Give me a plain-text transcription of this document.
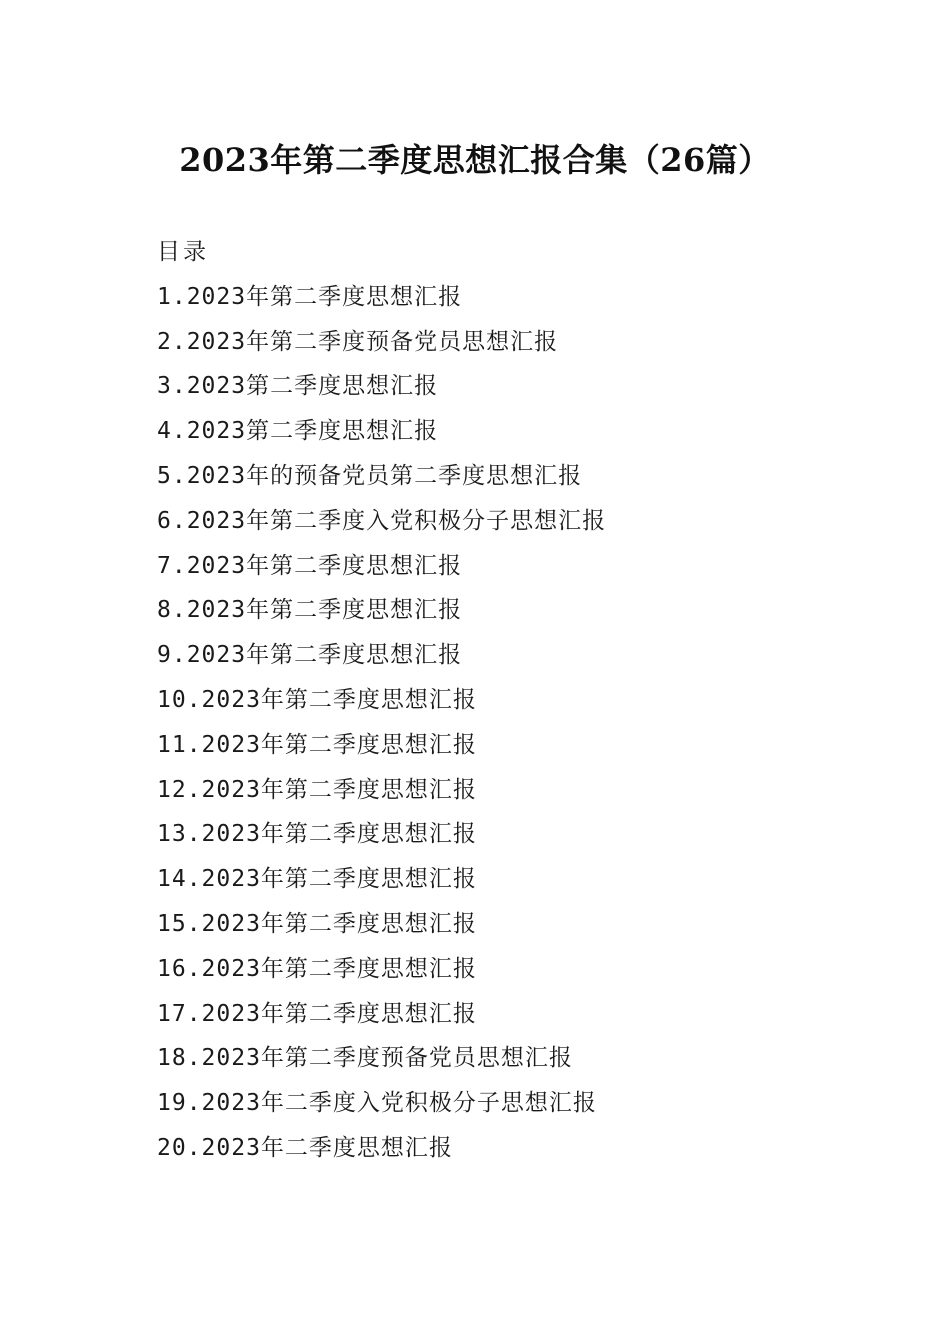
2023年第二季度思想汇报合集（26篇）
目录
1.2023年第二季度思想汇报
2.2023年第二季度预备党员思想汇报
3.2023第二季度思想汇报
4.2023第二季度思想汇报
5.2023年的预备党员第二季度思想汇报
6.2023年第二季度入党积极分子思想汇报
7.2023年第二季度思想汇报
8.2023年第二季度思想汇报
9.2023年第二季度思想汇报
10.2023年第二季度思想汇报
11.2023年第二季度思想汇报
12.2023年第二季度思想汇报
13.2023年第二季度思想汇报
14.2023年第二季度思想汇报
15.2023年第二季度思想汇报
16.2023年第二季度思想汇报
17.2023年第二季度思想汇报
18.2023年第二季度预备党员思想汇报
19.2023年二季度入党积极分子思想汇报
20.2023年二季度思想汇报
